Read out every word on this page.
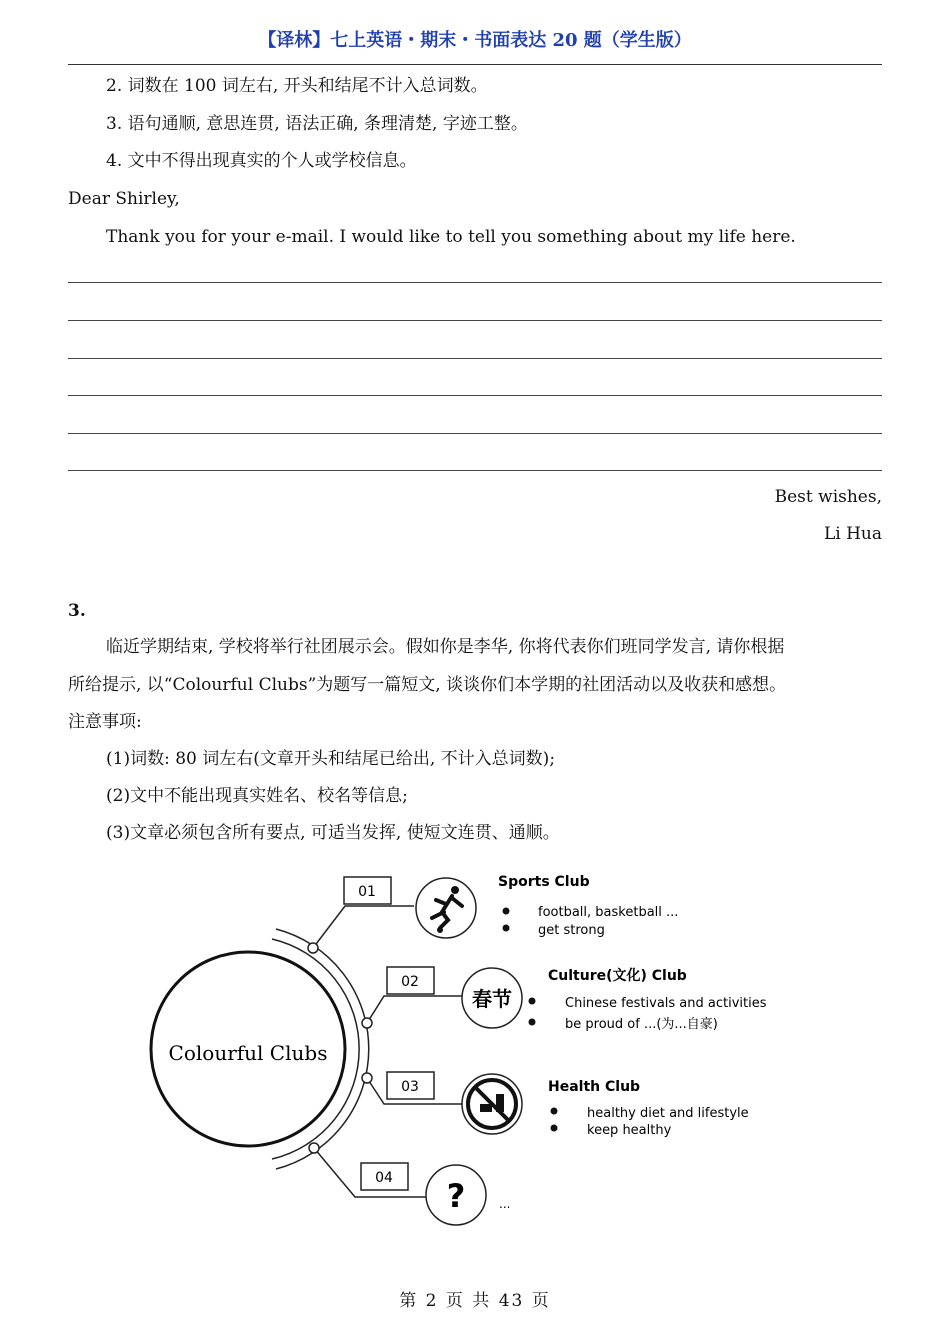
【译林】七上英语・期末・书面表达 20 题（学生版）
2. 词数在 100 词左右, 开头和结尾不计入总词数。
3. 语句通顺, 意思连贯, 语法正确, 条理清楚, 字迹工整。
4. 文中不得出现真实的个人或学校信息。
Dear Shirley,
Thank you for your e-mail. I would like to tell you something about my life here.
Best wishes,
Li Hua
3.
临近学期结束, 学校将举行社团展示会。假如你是李华, 你将代表你们班同学发言, 请你根据
所给提示, 以“Colourful Clubs”为题写一篇短文, 谈谈你们本学期的社团活动以及收获和感想。
注意事项:
(1)词数: 80 词左右(文章开头和结尾已给出, 不计入总词数);
(2)文中不能出现真实姓名、校名等信息;
(3)文章必须包含所有要点, 可适当发挥, 使短文连贯、通顺。
Colourful Clubs
01
02
03
04
春节
?
Sports Club
football, basketball ...
get strong
Culture(文化) Club
Chinese festivals and activities
be proud of ...(为...自豪)
Health Club
healthy diet and lifestyle
keep healthy
...
第 2 页 共 43 页
